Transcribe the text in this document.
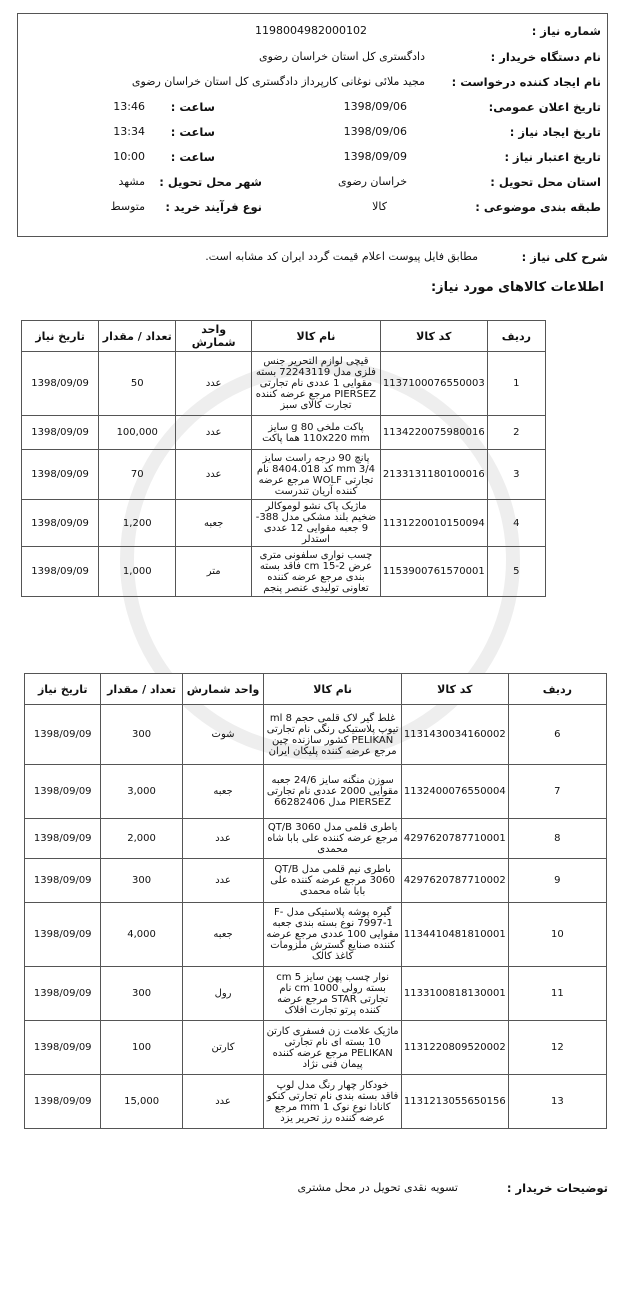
شماره نیاز :
1198004982000102
نام دستگاه خریدار :
دادگستری کل استان خراسان رضوی
نام ایجاد کننده درخواست :
مجید ملائی نوغانی کارپرداز دادگستری کل استان خراسان رضوی
تاریخ اعلان عمومی:
1398/09/06
ساعت :
13:46
تاریخ ایجاد نیاز :
1398/09/06
ساعت :
13:34
تاریخ اعتبار نیاز :
1398/09/09
ساعت :
10:00
استان محل تحویل :
خراسان رضوی
شهر محل تحویل :
مشهد
طبقه بندی موضوعی :
کالا
نوع فرآیند خرید :
متوسط
شرح کلی نیاز :
مطابق فایل پیوست اعلام قیمت گردد ایران کد مشابه است.
اطلاعات کالاهای مورد نیاز:
ردیف	کد کالا	نام کالا	واحد شمارش	تعداد / مقدار	تاریخ نیاز
1	1137100076550003	قیچی لوازم التحریر جنس فلزی مدل 72243119 بسته مقوایی 1 عددی نام تجارتی PIERSEZ مرجع عرضه کننده تجارت کالای سبز	عدد	50	1398/09/09
2	1134220075980016	پاکت ملخی 80 g سایز 110x220 mm هما پاکت	عدد	100,000	1398/09/09
3	2133131180100016	پانچ 90 درجه راست سایز 3/4 mm کد 8404.018 نام تجارتی WOLF مرجع عرضه کننده آریان تندرست	عدد	70	1398/09/09
4	1131220010150094	ماژیک پاک نشو لوموکالر ضخیم بلند مشکی مدل 388-9 جعبه مقوایی 12 عددی استدلر	جعبه	1,200	1398/09/09
5	1153900761570001	چسب نواری سلفونی متری عرض 2-15 cm فاقد بسته بندی مرجع عرضه کننده تعاونی تولیدی عنصر پنجم	متر	1,000	1398/09/09
ردیف	کد کالا	نام کالا	واحد شمارش	تعداد / مقدار	تاریخ نیاز
6	1131430034160002	غلط گیر لاک قلمی حجم 8 ml تیوپ پلاستیکی رنگی نام تجارتی PELIKAN کشور سازنده چین مرجع عرضه کننده پلیکان ایران	شوت	300	1398/09/09
7	1132400076550004	سوزن منگنه سایز 24/6 جعبه مقوایی 2000 عددی نام تجارتی PIERSEZ مدل 66282406	جعبه	3,000	1398/09/09
8	4297620787710001	باطری قلمی مدل QT/B 3060 مرجع عرضه کننده علی بابا شاه محمدی	عدد	2,000	1398/09/09
9	4297620787710002	باطری نیم قلمی مدل QT/B 3060 مرجع عرضه کننده علی بابا شاه محمدی	عدد	300	1398/09/09
10	1134410481810001	گیره پوشه پلاستیکی مدل F-7997-1 نوع بسته بندی جعبه مقوایی 100 عددی مرجع عرضه کننده صنایع گسترش ملزومات کاغذ کالک	جعبه	4,000	1398/09/09
11	1133100818130001	نوار چسب پهن سایز 5 cm بسته رولی 1000 cm نام تجارتی STAR مرجع عرضه کننده پرتو تجارت افلاک	رول	300	1398/09/09
12	1131220809520002	ماژیک علامت زن فسفری کارتن 10 بسته ای نام تجارتی PELIKAN مرجع عرضه کننده پیمان فنی نژاد	کارتن	100	1398/09/09
13	1131213055650156	خودکار چهار رنگ مدل لوپ فاقد بسته بندی نام تجارتی کنکو کانادا نوع نوک 1 mm مرجع عرضه کننده رز تحریر یزد	عدد	15,000	1398/09/09
توضیحات خریدار :
تسویه نقدی تحویل در محل مشتری
